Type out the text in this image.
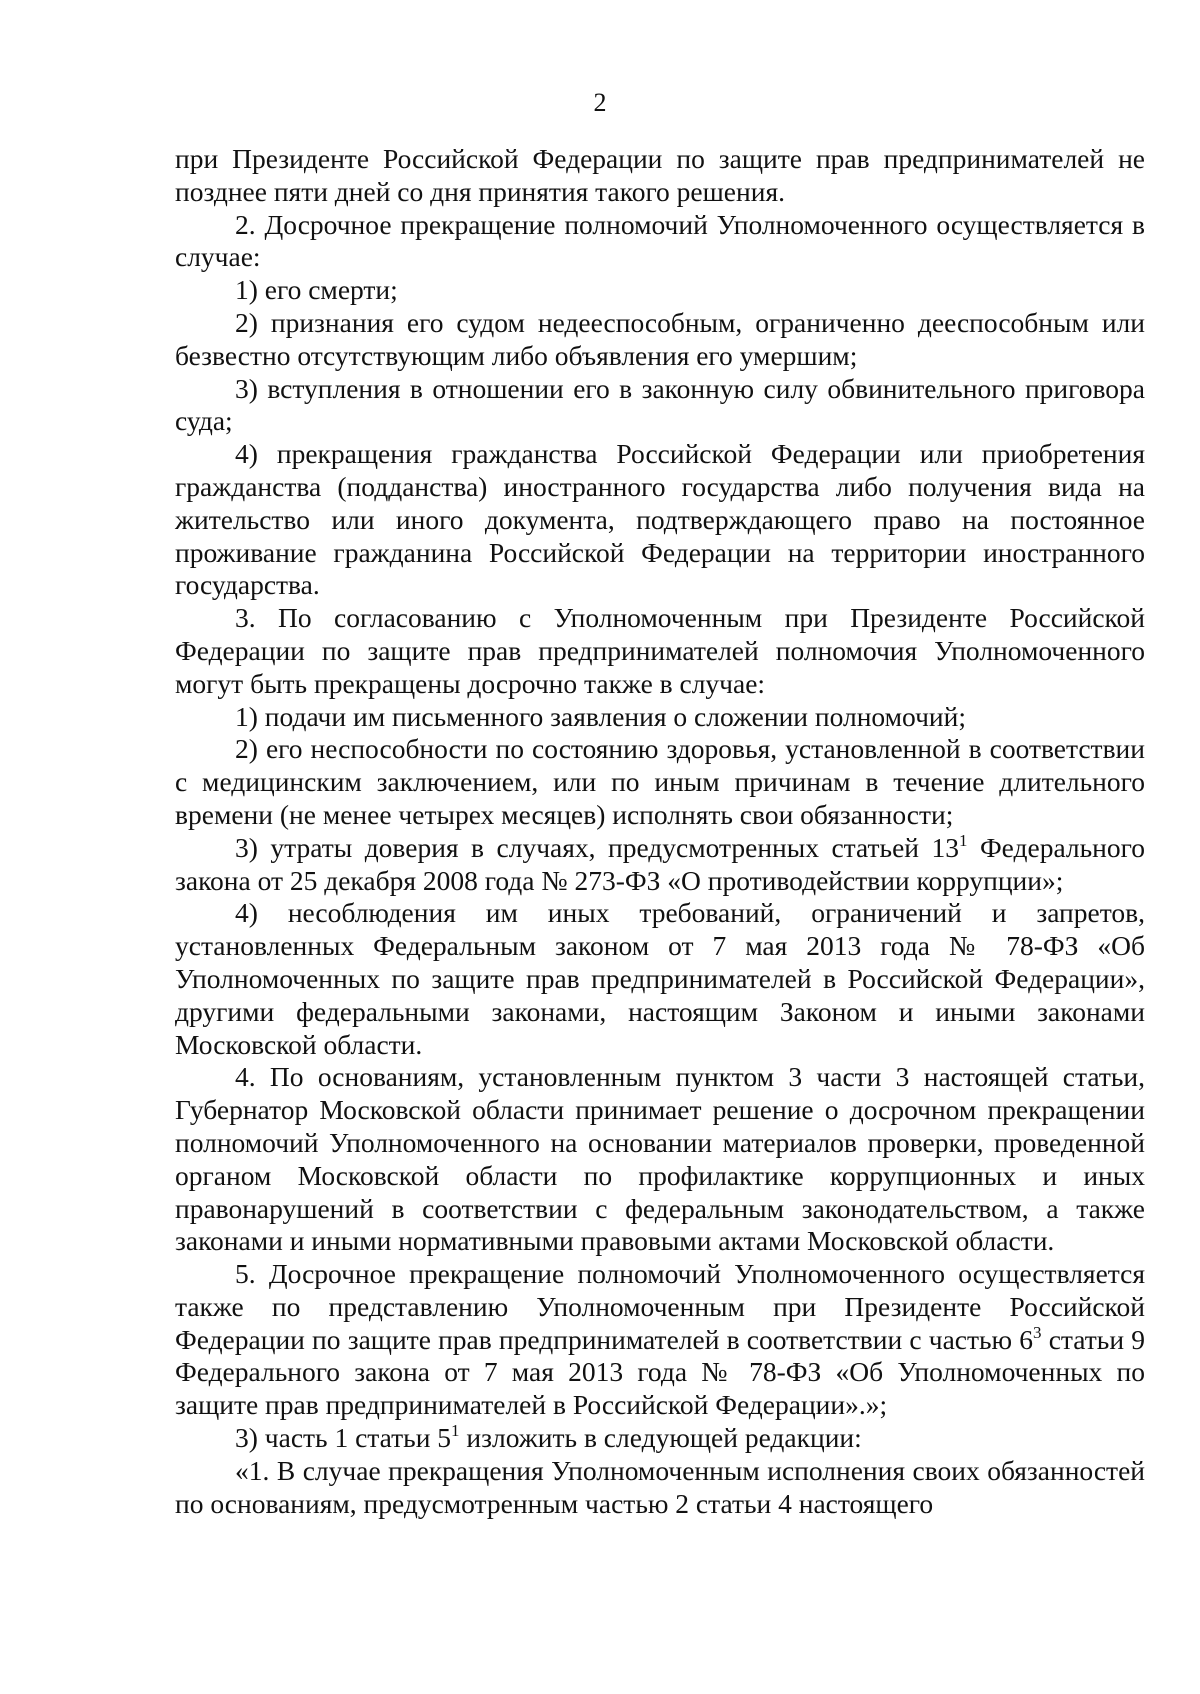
2

при Президенте Российской Федерации по защите прав предпринимателей не позднее пяти дней со дня принятия такого решения.

2. Досрочное прекращение полномочий Уполномоченного осуществляется в случае:

1) его смерти;

2) признания его судом недееспособным, ограниченно дееспособным или безвестно отсутствующим либо объявления его умершим;

3) вступления в отношении его в законную силу обвинительного приговора суда;

4) прекращения гражданства Российской Федерации или приобретения гражданства (подданства) иностранного государства либо получения вида на жительство или иного документа, подтверждающего право на постоянное проживание гражданина Российской Федерации на территории иностранного государства.

3. По согласованию с Уполномоченным при Президенте Российской Федерации по защите прав предпринимателей полномочия Уполномоченного могут быть прекращены досрочно также в случае:

1) подачи им письменного заявления о сложении полномочий;

2) его неспособности по состоянию здоровья, установленной в соответствии с медицинским заключением, или по иным причинам в течение длительного времени (не менее четырех месяцев) исполнять свои обязанности;

3) утраты доверия в случаях, предусмотренных статьей $13^1$ Федерального закона от 25 декабря 2008 года № 273-ФЗ «О противодействии коррупции»;

4) несоблюдения им иных требований, ограничений и запретов, установленных Федеральным законом от 7 мая 2013 года № 78-ФЗ «Об Уполномоченных по защите прав предпринимателей в Российской Федерации», другими федеральными законами, настоящим Законом и иными законами Московской области.

4. По основаниям, установленным пунктом 3 части 3 настоящей статьи, Губернатор Московской области принимает решение о досрочном прекращении полномочий Уполномоченного на основании материалов проверки, проведенной органом Московской области по профилактике коррупционных и иных правонарушений в соответствии с федеральным законодательством, а также законами и иными нормативными правовыми актами Московской области.

5. Досрочное прекращение полномочий Уполномоченного осуществляется также по представлению Уполномоченным при Президенте Российской Федерации по защите прав предпринимателей в соответствии с частью $6^3$ статьи 9 Федерального закона от 7 мая 2013 года № 78-ФЗ «Об Уполномоченных по защите прав предпринимателей в Российской Федерации».»;

3) часть 1 статьи $5^1$ изложить в следующей редакции:

«1. В случае прекращения Уполномоченным исполнения своих обязанностей по основаниям, предусмотренным частью 2 статьи 4 настоящего
